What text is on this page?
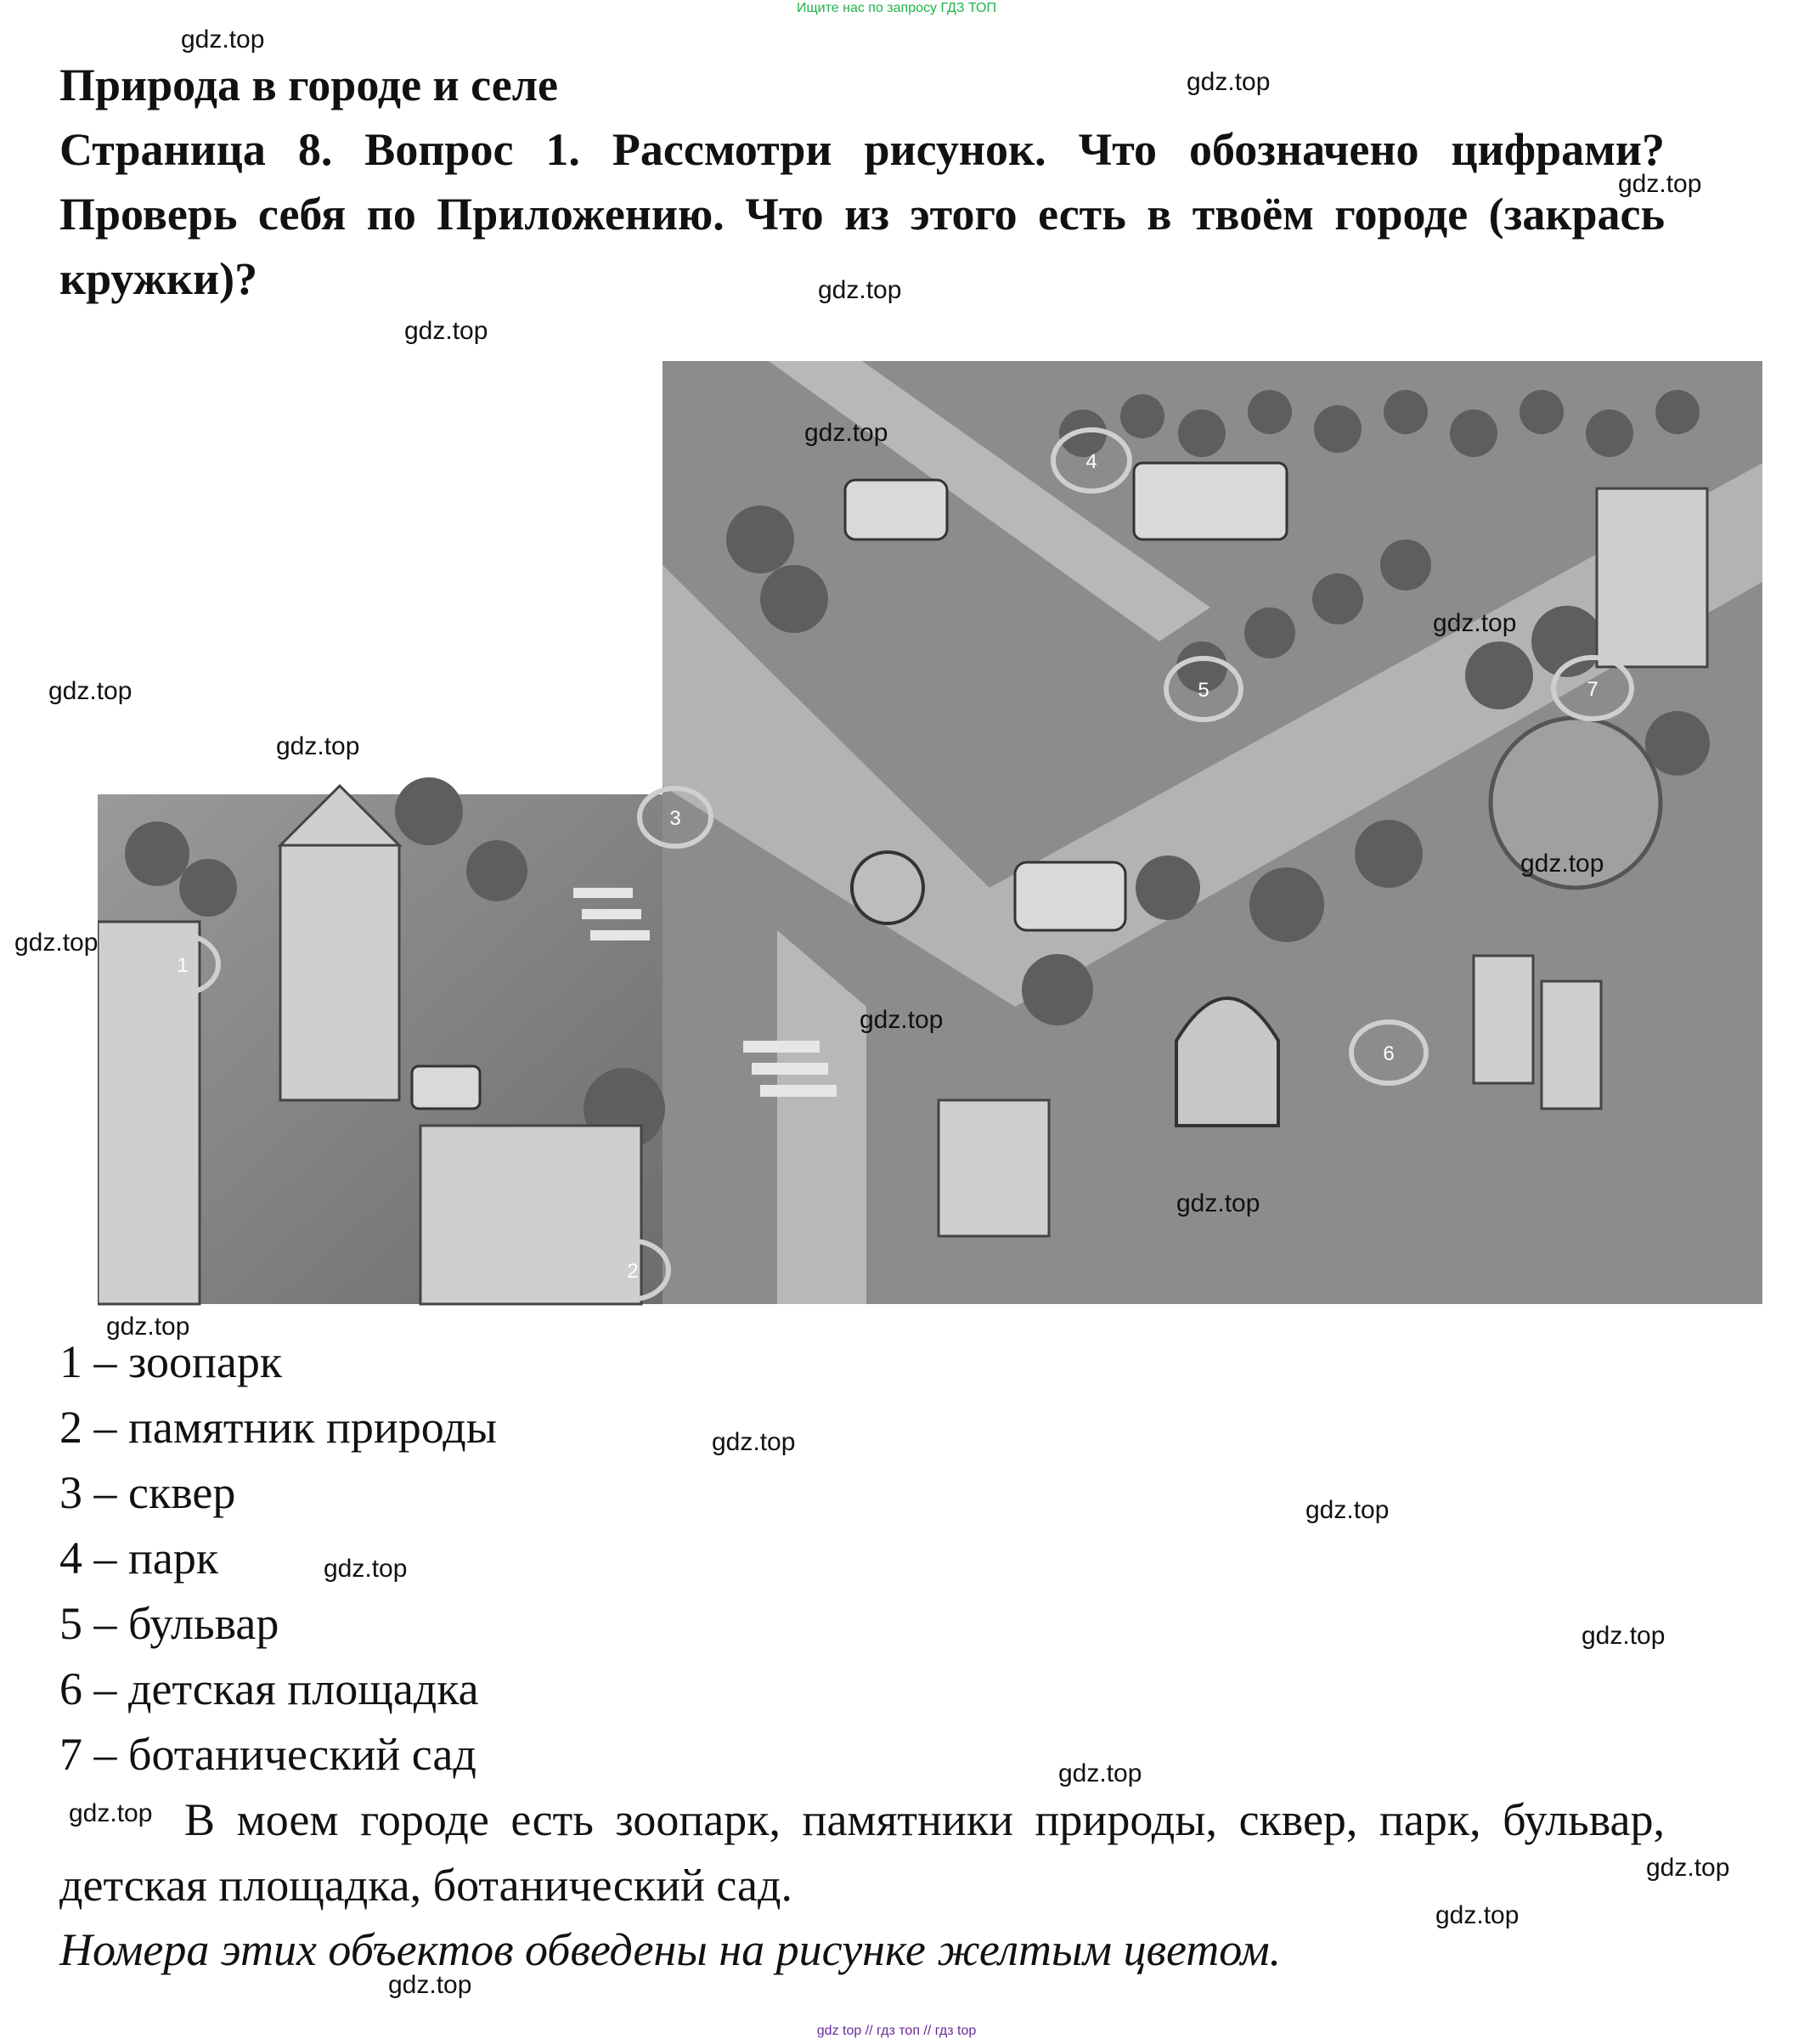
Ищите нас по запросу ГДЗ ТОП
Природа в городе и селе
Страница 8. Вопрос 1. Рассмотри рисунок. Что обозначено цифрами? Проверь себя по Приложению. Что из этого есть в твоём городе (закрась кружки)?
1
2
3
4
5
6
7
1 – зоопарк
2 – памятник природы
3 – сквер
4 – парк
5 – бульвар
6 – детская площадка
7 – ботанический сад
В моем городе есть зоопарк, памятники природы, сквер, парк, бульвар, детская площадка, ботанический сад.
Номера этих объектов обведены на рисунке желтым цветом.
gdz.top
gdz.top
gdz.top
gdz.top
gdz.top
gdz.top
gdz.top
gdz.top
gdz.top
gdz.top
gdz.top
gdz.top
gdz.top
gdz.top
gdz.top
gdz.top
gdz.top
gdz.top
gdz.top
gdz.top
gdz.top
gdz.top
gdz.top
gdz top // гдз топ // гдз top
